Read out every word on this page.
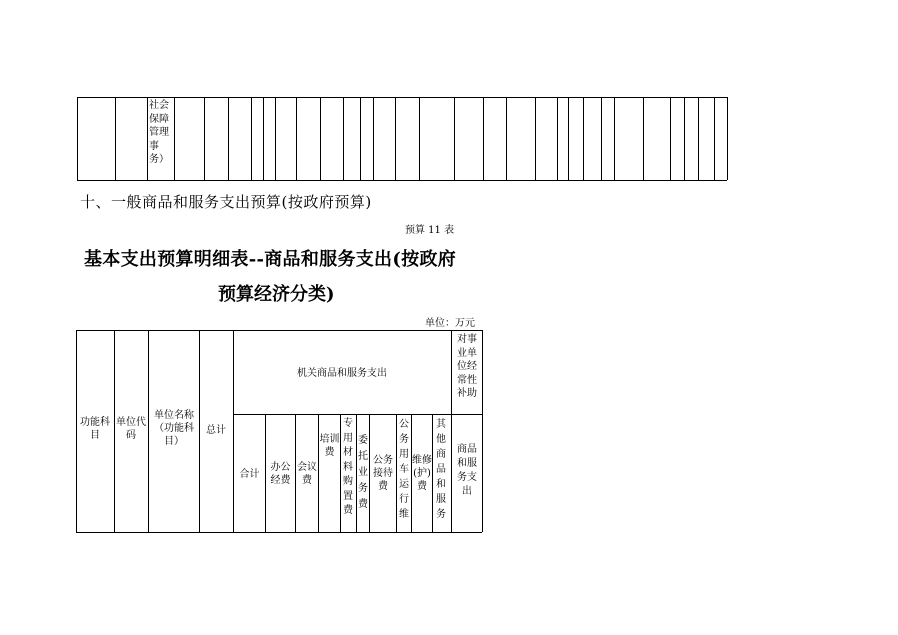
社会保障管理事务）
十、一般商品和服务支出预算(按政府预算)
预算 11 表
基本支出预算明细表--商品和服务支出(按政府
预算经济分类)
单位：万元
功能科目
单位代码
单位名称（功能科目）
总计
机关商品和服务支出
对事业单位经常性补助
合计
办公经费
会议费
培训费
专用材料购置费
委托业务费
公务接待费
公务用车运行维
维修(护)费
其他商品和服务
商品和服务支出
